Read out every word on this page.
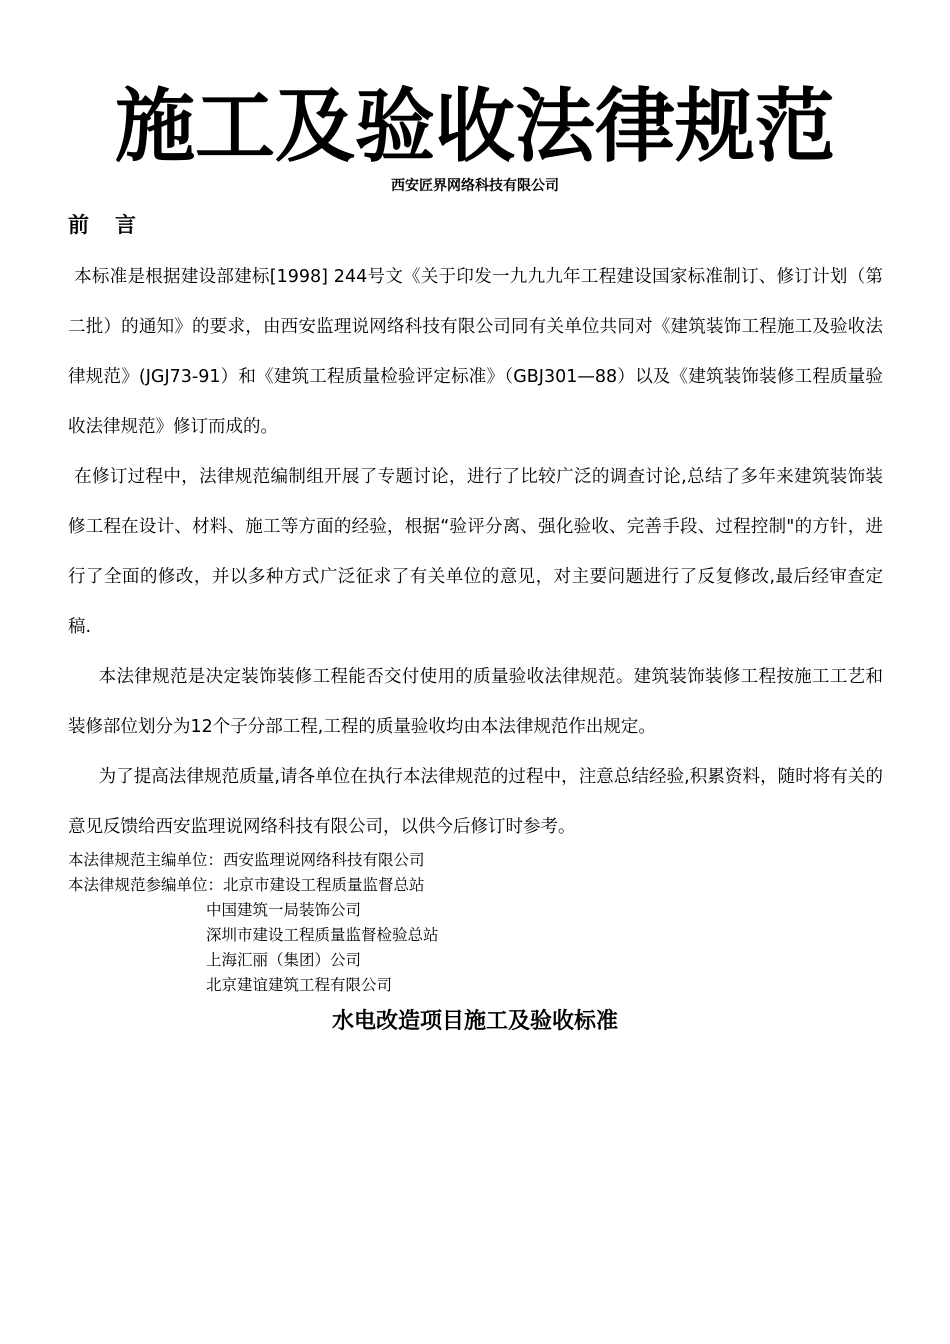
施工及验收法律规范
西安匠界网络科技有限公司
前 言

本标准是根据建设部建标[1998] 244号文《关于印发一九九九年工程建设国家标准制订、修订计划（第二批）的通知》的要求，由西安监理说网络科技有限公司同有关单位共同对《建筑装饰工程施工及验收法律规范》(JGJ73-91）和《建筑工程质量检验评定标准》（GBJ301—88）以及《建筑装饰装修工程质量验收法律规范》修订而成的。

在修订过程中，法律规范编制组开展了专题讨论，进行了比较广泛的调查讨论,总结了多年来建筑装饰装修工程在设计、材料、施工等方面的经验，根据“验评分离、强化验收、完善手段、过程控制"的方针，进行了全面的修改，并以多种方式广泛征求了有关单位的意见，对主要问题进行了反复修改,最后经审查定稿.

本法律规范是决定装饰装修工程能否交付使用的质量验收法律规范。建筑装饰装修工程按施工工艺和装修部位划分为12个子分部工程,工程的质量验收均由本法律规范作出规定。

为了提高法律规范质量,请各单位在执行本法律规范的过程中，注意总结经验,积累资料，随时将有关的意见反馈给西安监理说网络科技有限公司，以供今后修订时参考。

本法律规范主编单位：西安监理说网络科技有限公司
本法律规范参编单位：北京市建设工程质量监督总站
中国建筑一局装饰公司
深圳市建设工程质量监督检验总站
上海汇丽（集团）公司
北京建谊建筑工程有限公司
水电改造项目施工及验收标准
